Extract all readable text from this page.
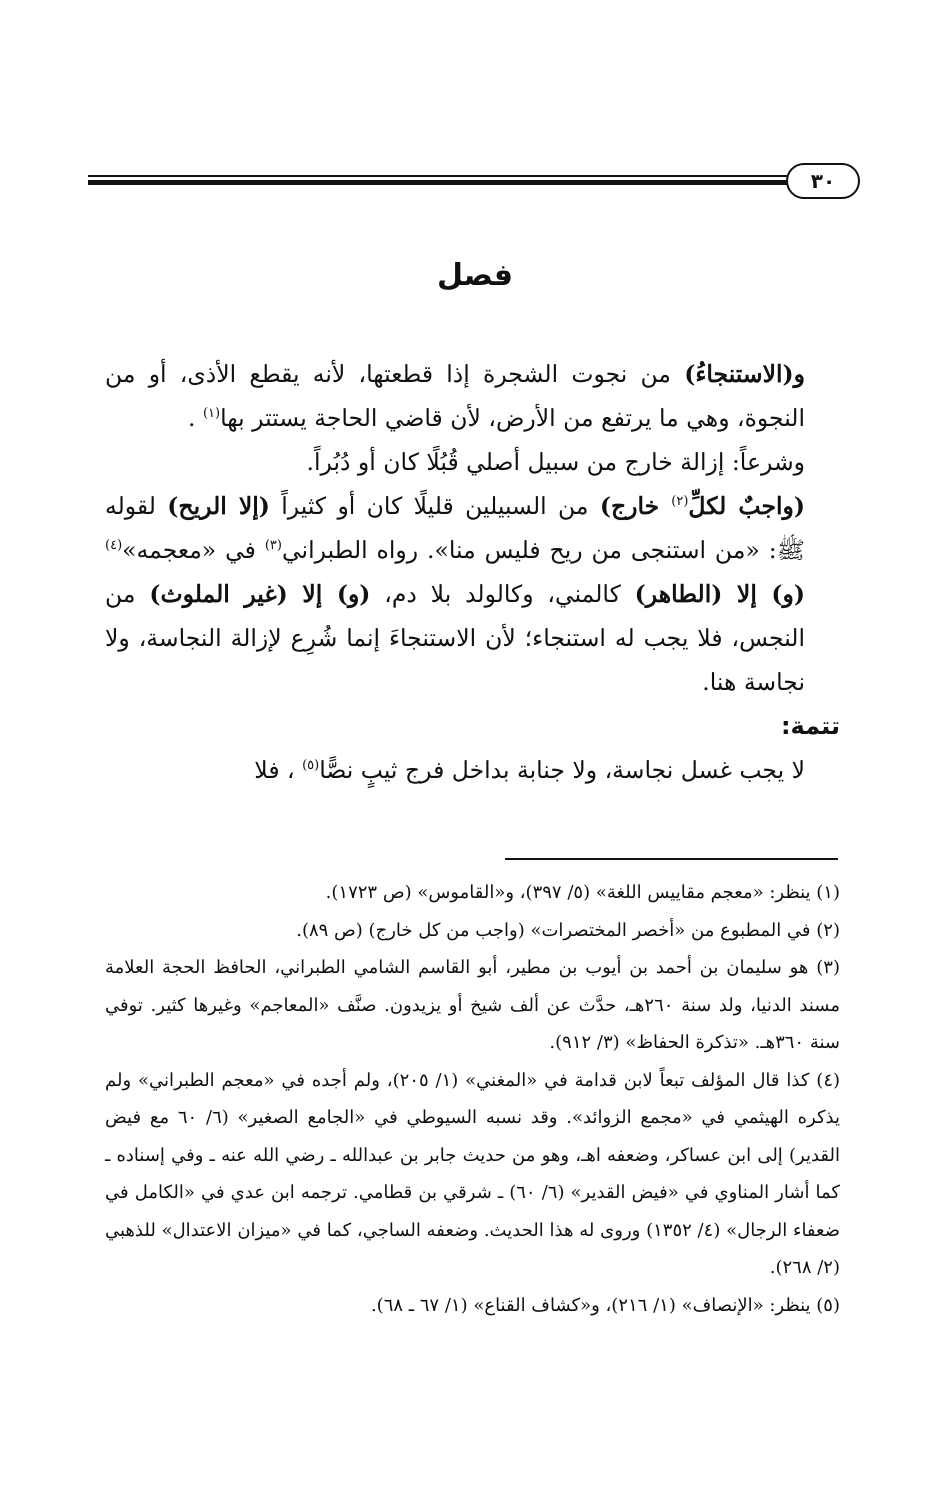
٣٠
فصل

و(الاستنجاءُ) من نجوت الشجرة إذا قطعتها، لأنه يقطع الأذى، أو من النجوة، وهي ما يرتفع من الأرض، لأن قاضي الحاجة يستتر بها$^{(١)}$ .

وشرعاً: إزالة خارج من سبيل أصلي قُبُلًا كان أو دُبُراً.

(واجبٌ لكلِّ$^{(٢)}$ خارج) من السبيلين قليلًا كان أو كثيراً (إلا الريح) لقوله ﷺ: «من استنجى من ريح فليس منا». رواه الطبراني$^{(٣)}$ في «معجمه»$^{(٤)}$ (و) إلا (الطاهر) كالمني، وكالولد بلا دم، (و) إلا (غير الملوث) من النجس، فلا يجب له استنجاء؛ لأن الاستنجاءَ إنما شُرِع لإزالة النجاسة، ولا نجاسة هنا.

تتمة:

لا يجب غسل نجاسة، ولا جنابة بداخل فرج ثيبٍ نصًّا$^{(٥)}$ ، فلا

(١) ينظر: «معجم مقاييس اللغة» (٥/ ٣٩٧)، و«القاموس» (ص ١٧٢٣).

(٢) في المطبوع من «أخصر المختصرات» (واجب من كل خارج) (ص ٨٩).

(٣) هو سليمان بن أحمد بن أيوب بن مطير، أبو القاسم الشامي الطبراني، الحافظ الحجة العلامة مسند الدنيا، ولد سنة ٢٦٠هـ، حدَّث عن ألف شيخ أو يزيدون. صنَّف «المعاجم» وغيرها كثير. توفي سنة ٣٦٠هـ. «تذكرة الحفاظ» (٣/ ٩١٢).

(٤) كذا قال المؤلف تبعاً لابن قدامة في «المغني» (١/ ٢٠٥)، ولم أجده في «معجم الطبراني» ولم يذكره الهيثمي في «مجمع الزوائد». وقد نسبه السيوطي في «الجامع الصغير» (٦/ ٦٠ مع فيض القدير) إلى ابن عساكر، وضعفه اهـ، وهو من حديث جابر بن عبدالله ـ رضي الله عنه ـ وفي إسناده ـ كما أشار المناوي في «فيض القدير» (٦/ ٦٠) ـ شرقي بن قطامي. ترجمه ابن عدي في «الكامل في ضعفاء الرجال» (٤/ ١٣٥٢) وروى له هذا الحديث. وضعفه الساجي، كما في «ميزان الاعتدال» للذهبي (٢/ ٢٦٨).

(٥) ينظر: «الإنصاف» (١/ ٢١٦)، و«كشاف القناع» (١/ ٦٧ ـ ٦٨).
